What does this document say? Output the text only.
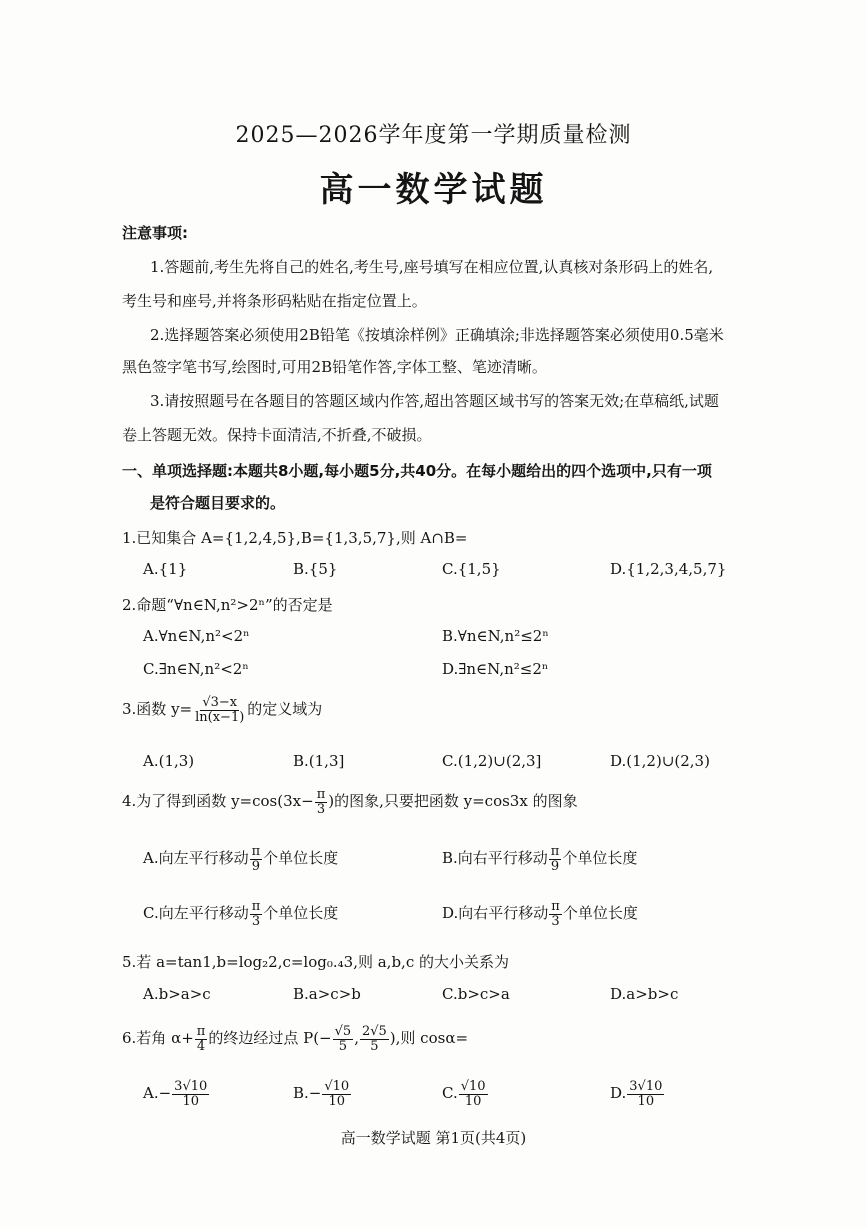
2025—2026学年度第一学期质量检测
高一数学试题
注意事项:
1.答题前,考生先将自己的姓名,考生号,座号填写在相应位置,认真核对条形码上的姓名,
考生号和座号,并将条形码粘贴在指定位置上。
2.选择题答案必须使用2B铅笔《按填涂样例》正确填涂;非选择题答案必须使用0.5毫米
黑色签字笔书写,绘图时,可用2B铅笔作答,字体工整、笔迹清晰。
3.请按照题号在各题目的答题区域内作答,超出答题区域书写的答案无效;在草稿纸,试题
卷上答题无效。保持卡面清洁,不折叠,不破损。
一、单项选择题:本题共8小题,每小题5分,共40分。在每小题给出的四个选项中,只有一项
是符合题目要求的。
1.已知集合 A={1,2,4,5},B={1,3,5,7},则 A∩B=
A.{1}	B.{5}	C.{1,5}	D.{1,2,3,4,5,7}
2.命题“∀n∈N,n²>2ⁿ”的否定是
A.∀n∈N,n²<2ⁿ	B.∀n∈N,n²≤2ⁿ
C.∃n∈N,n²<2ⁿ	D.∃n∈N,n²≤2ⁿ
3.函数 $y= \frac{√3-x}{\ln(x-1)}$ 的定义域为
A.(1,3)	B.(1,3]	C.(1,2)∪(2,3]	D.(1,2)∪(2,3)
4.为了得到函数 $y=\cos(3x- \frac{\pi}{3}$ )的图象,只要把函数 y=cos3x 的图象
A.向左平行移动 $\frac{\pi}{9}$ 个单位长度	B.向右平行移动 $\frac{\pi}{9}$ 个单位长度
C.向左平行移动 $\frac{\pi}{3}$ 个单位长度	D.向右平行移动 $\frac{\pi}{3}$ 个单位长度
5.若 a=tan1,b=log₂2,c=log₀.₄3,则 a,b,c 的大小关系为
A.b>a>c	B.a>c>b	C.b>c>a	D.a>b>c
6.若角 $\alpha+ \frac{\pi}{4}$ 的终边经过点 $P(- \frac{√5}{5}$ , $\frac{2√5}{5}$ ),则 cosα=
$A.- \frac{3√10}{10}$	$B.- \frac{√10}{10}$	C. $\frac{√10}{10}$	D. $\frac{3√10}{10}$
高一数学试题 第1页(共4页)
